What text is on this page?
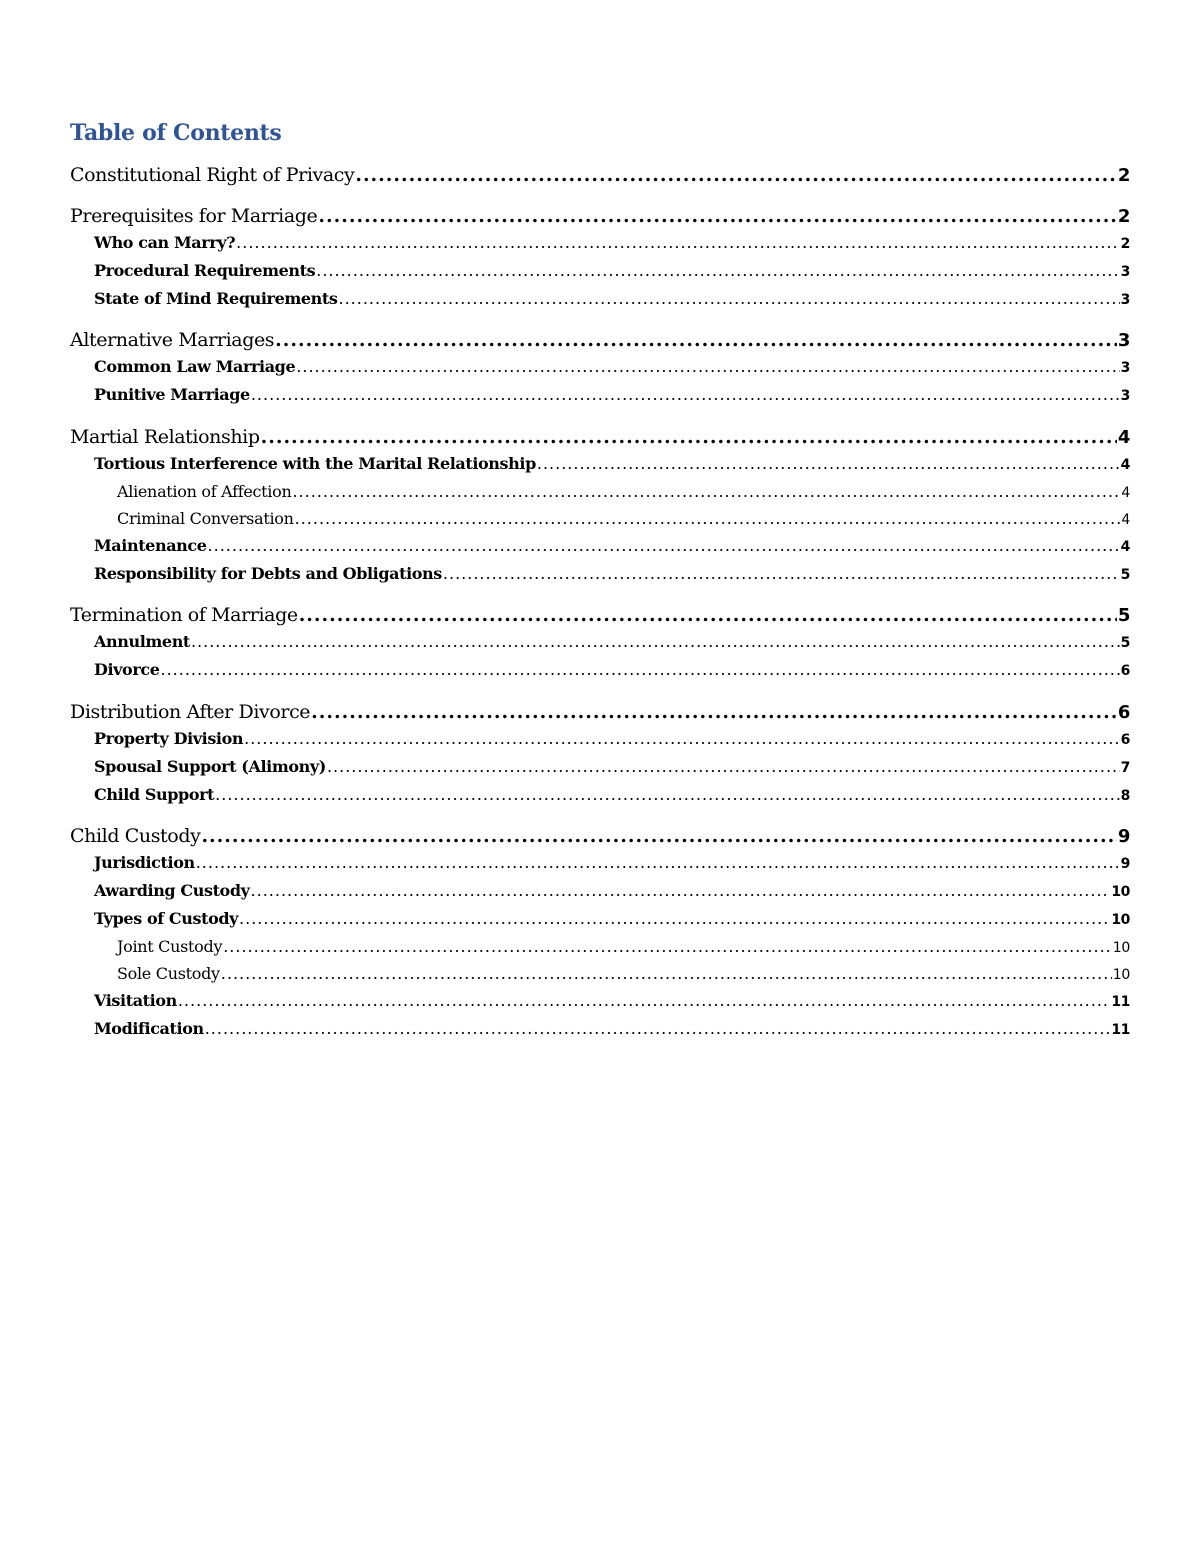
Table of Contents
Constitutional Right of Privacy .....	2
Prerequisites for Marriage .....	2
Who can Marry? .....	2
Procedural Requirements .....	3
State of Mind Requirements .....	3
Alternative Marriages .....	3
Common Law Marriage .....	3
Punitive Marriage .....	3
Martial Relationship .....	4
Tortious Interference with the Marital Relationship .....	4
Alienation of Affection .....	4
Criminal Conversation .....	4
Maintenance .....	4
Responsibility for Debts and Obligations .....	5
Termination of Marriage .....	5
Annulment .....	5
Divorce .....	6
Distribution After Divorce .....	6
Property Division .....	6
Spousal Support (Alimony) .....	7
Child Support .....	8
Child Custody .....	9
Jurisdiction .....	9
Awarding Custody .....	10
Types of Custody .....	10
Joint Custody .....	10
Sole Custody .....	10
Visitation .....	11
Modification .....	11
